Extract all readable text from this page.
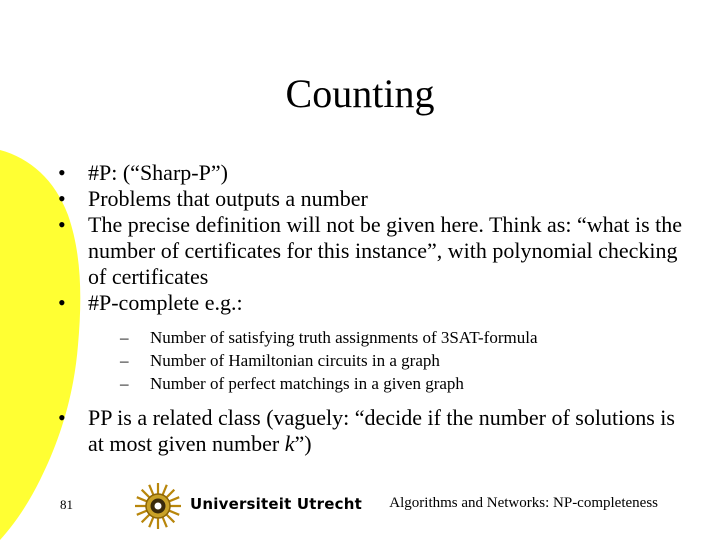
Counting
• #P: (“Sharp-P”)
• Problems that outputs a number
• The precise definition will not be given here. Think as: “what is the number of certificates for this instance”, with polynomial checking of certificates
• #P-complete e.g.:
– Number of satisfying truth assignments of 3SAT-formula
– Number of Hamiltonian circuits in a graph
– Number of perfect matchings in a given graph
• PP is a related class (vaguely: “decide if the number of solutions is at most given number k”)
81	Universiteit Utrecht Algorithms and Networks: NP-completeness
